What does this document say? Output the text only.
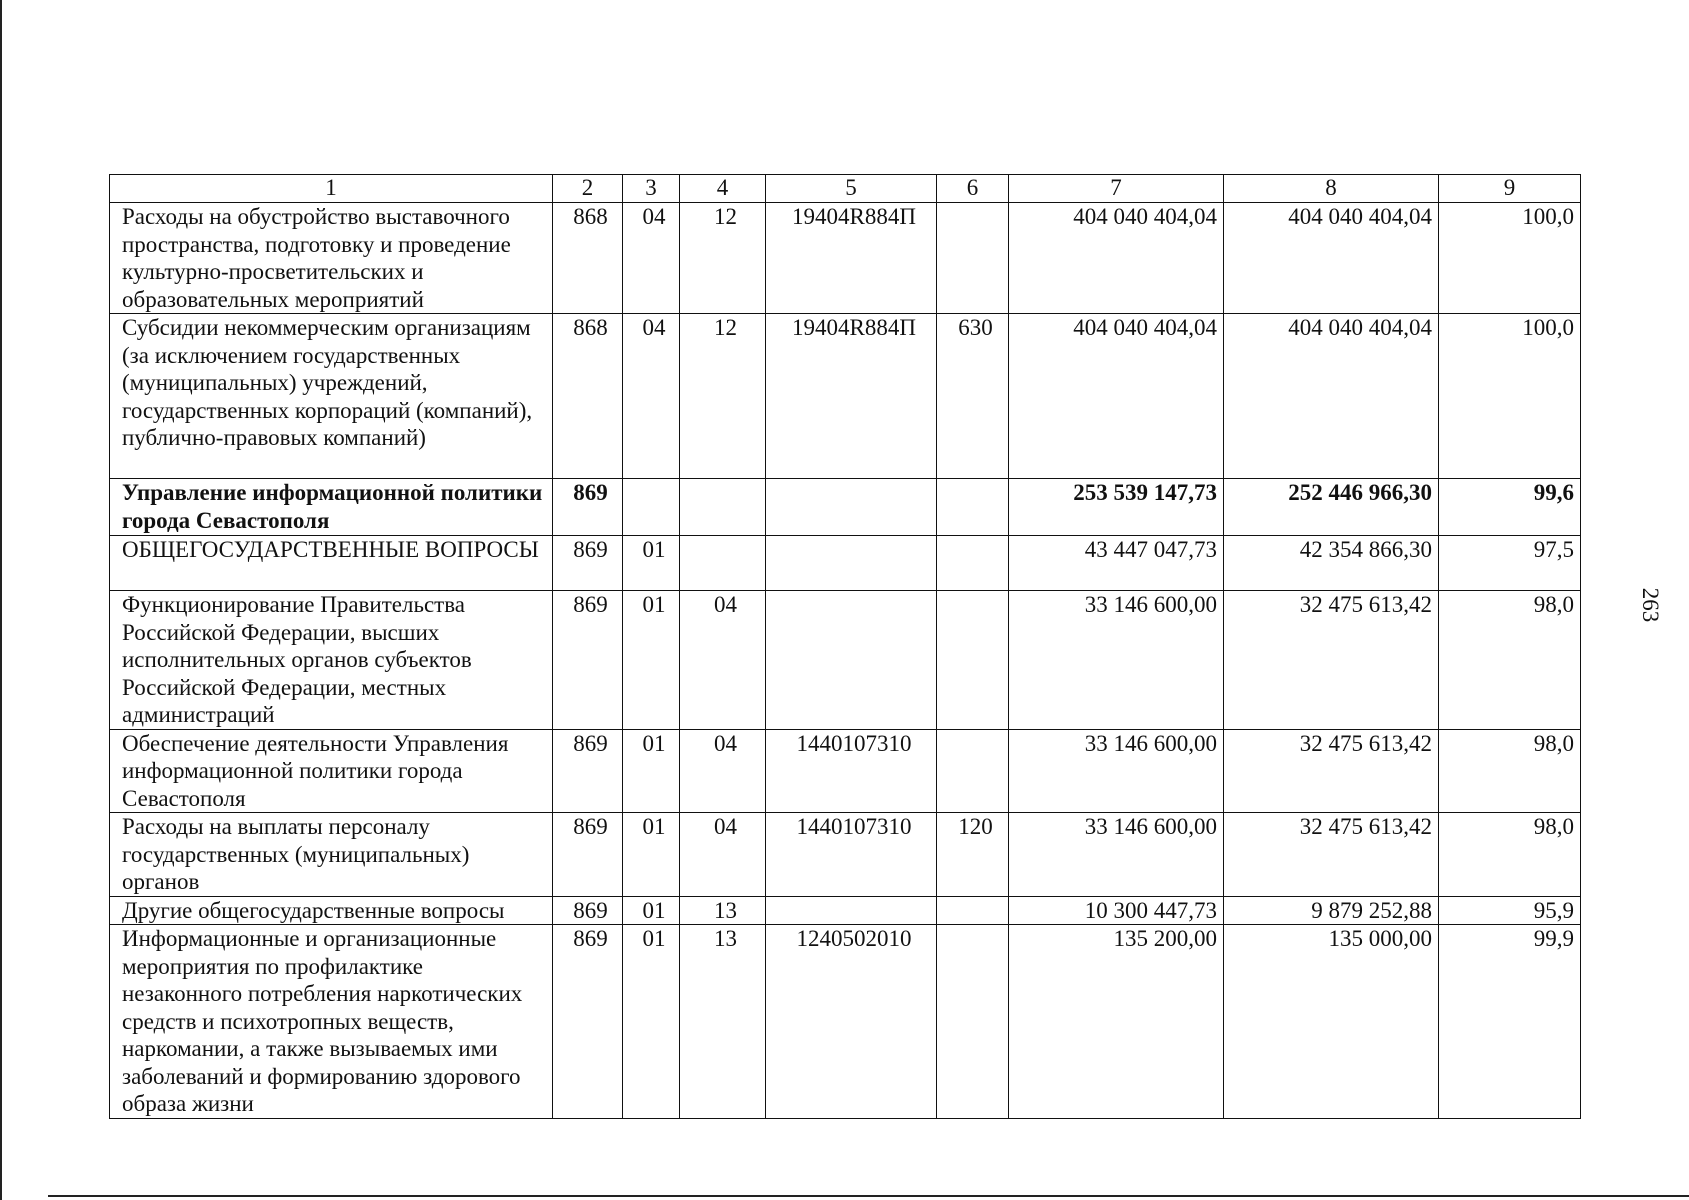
263
1	2	3	4	5	6	7	8	9
Расходы на обустройство выставочного пространства, подготовку и проведение культурно-просветительских и образовательных мероприятий	868	04	12	19404R884П		404 040 404,04	404 040 404,04	100,0
Субсидии некоммерческим организациям (за исключением государственных (муниципальных) учреждений, государственных корпораций (компаний), публично-правовых компаний)	868	04	12	19404R884П	630	404 040 404,04	404 040 404,04	100,0
Управление информационной политики города Севастополя	869					253 539 147,73	252 446 966,30	99,6
ОБЩЕГОСУДАРСТВЕННЫЕ ВОПРОСЫ	869	01				43 447 047,73	42 354 866,30	97,5
Функционирование Правительства Российской Федерации, высших исполнительных органов субъектов Российской Федерации, местных администраций	869	01	04			33 146 600,00	32 475 613,42	98,0
Обеспечение деятельности Управления информационной политики города Севастополя	869	01	04	1440107310		33 146 600,00	32 475 613,42	98,0
Расходы на выплаты персоналу государственных (муниципальных) органов	869	01	04	1440107310	120	33 146 600,00	32 475 613,42	98,0
Другие общегосударственные вопросы	869	01	13			10 300 447,73	9 879 252,88	95,9
Информационные и организационные мероприятия по профилактике незаконного потребления наркотических средств и психотропных веществ, наркомании, а также вызываемых ими заболеваний и формированию здорового образа жизни	869	01	13	1240502010		135 200,00	135 000,00	99,9
